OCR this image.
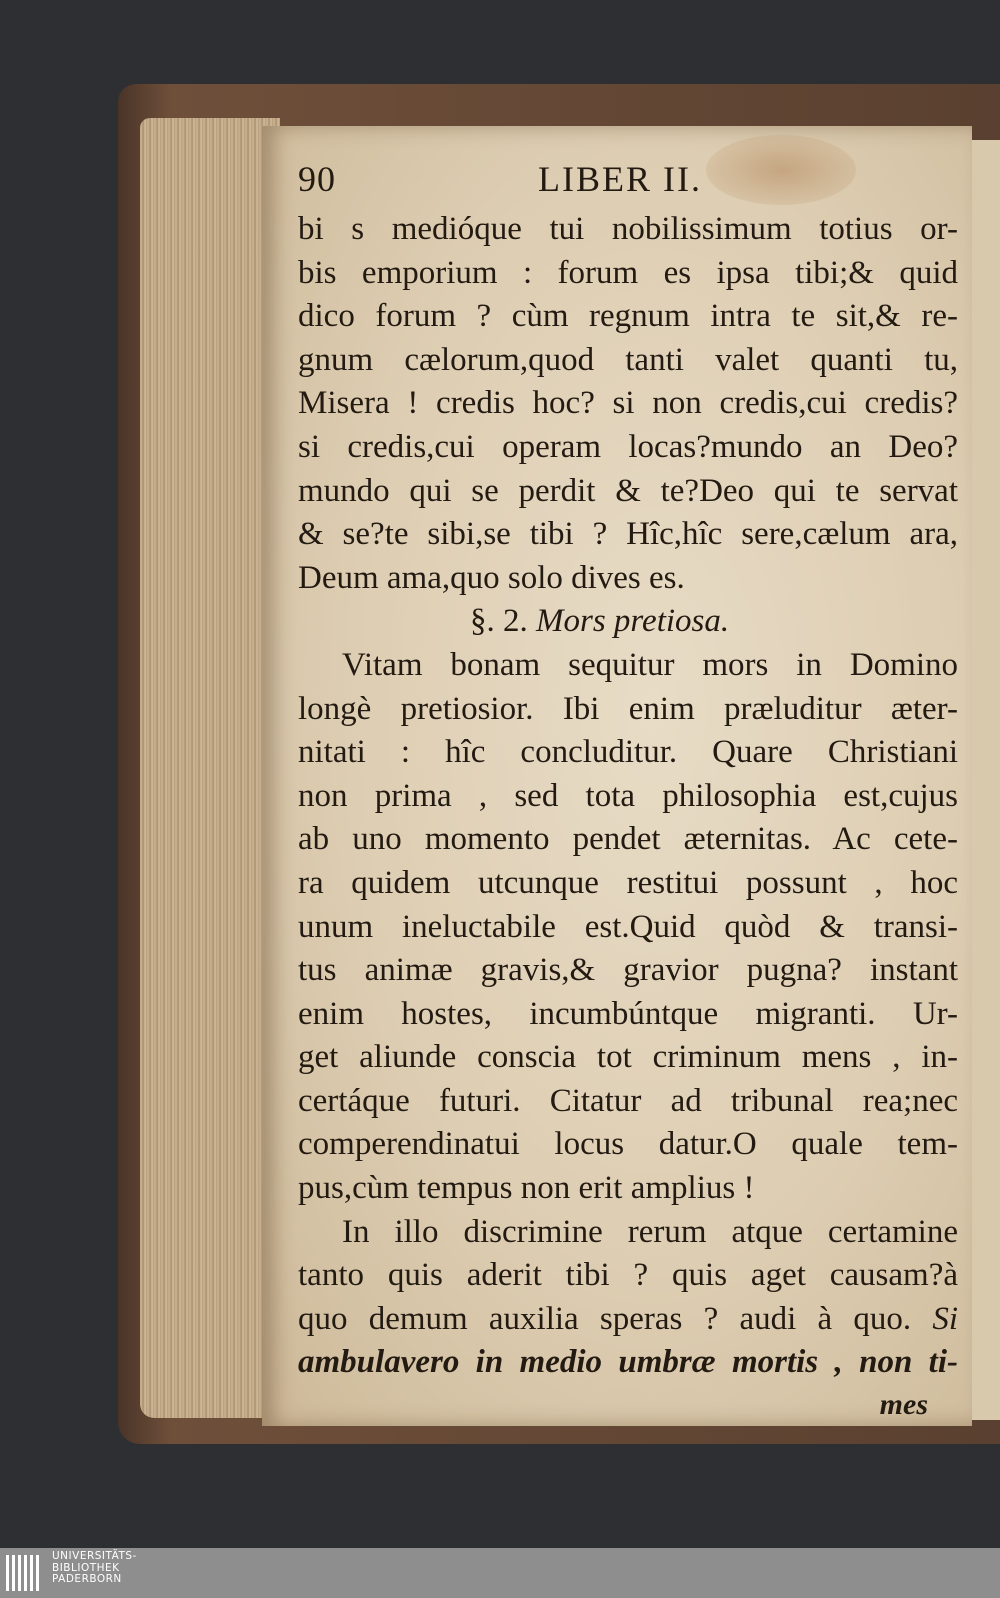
90	LIBER II.
bi s medióque tui nobilissimum totius or-
bis emporium : forum es ipsa tibi;& quid
dico forum ? cùm regnum intra te sit,& re-
gnum cælorum,quod tanti valet quanti tu,
Misera ! credis hoc? si non credis,cui credis?
si credis,cui operam locas?mundo an Deo?
mundo qui se perdit & te?Deo qui te servat
& se?te sibi,se tibi ? Hîc,hîc sere,cælum ara,
Deum ama,quo solo dives es.
§. 2. Mors pretiosa.
Vitam bonam sequitur mors in Domino
longè pretiosior. Ibi enim præluditur æter-
nitati : hîc concluditur. Quare Christiani
non prima , sed tota philosophia est,cujus
ab uno momento pendet æternitas. Ac cete-
ra quidem utcunque restitui possunt , hoc
unum ineluctabile est.Quid quòd & transi-
tus animæ gravis,& gravior pugna? instant
enim hostes, incumbúntque migranti. Ur-
get aliunde conscia tot criminum mens , in-
certáque futuri. Citatur ad tribunal rea;nec
comperendinatui locus datur.O quale tem-
pus,cùm tempus non erit amplius !
In illo discrimine rerum atque certamine
tanto quis aderit tibi ? quis aget causam?à
quo demum auxilia speras ? audi à quo. Si
ambulavero in medio umbræ mortis , non ti-
mes
UNIVERSITÄTS-
BIBLIOTHEK
PADERBORN
